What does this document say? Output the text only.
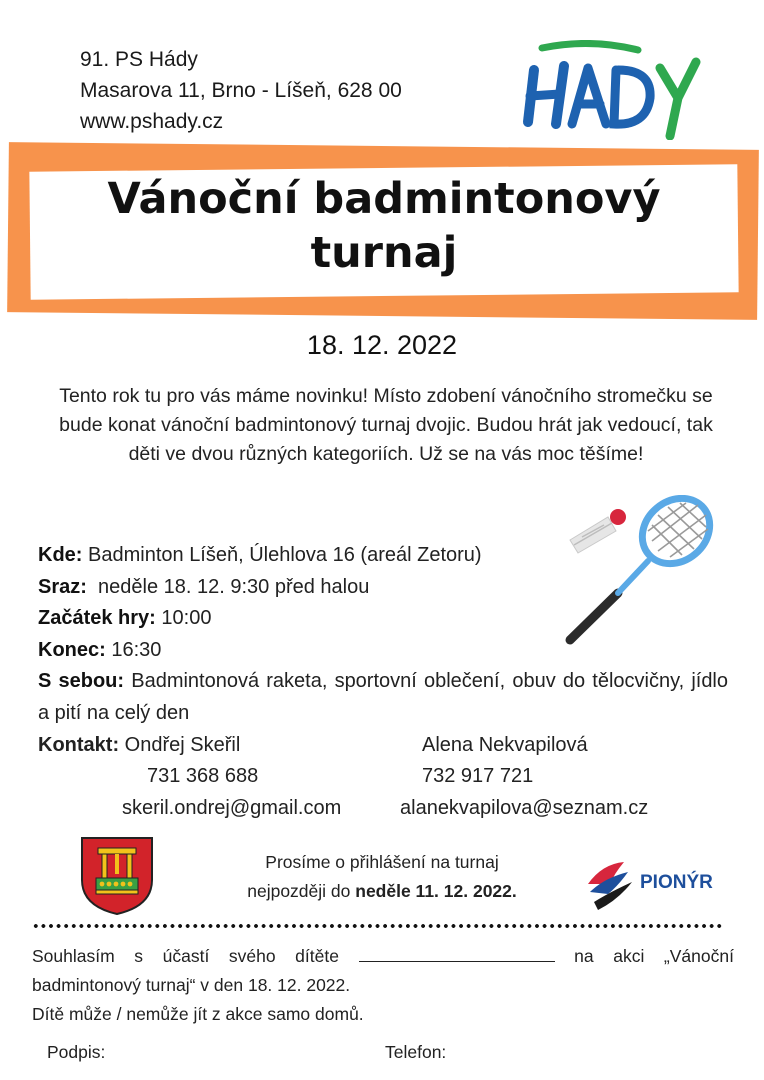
91. PS Hády
Masarova 11, Brno - Líšeň, 628 00
www.pshady.cz
Vánoční badmintonový
turnaj
18. 12. 2022
Tento rok tu pro vás máme novinku! Místo zdobení vánočního stromečku se bude konat vánoční badmintonový turnaj dvojic. Budou hrát jak vedoucí, tak děti ve dvou různých kategoriích. Už se na vás moc těšíme!
Kde: Badminton Líšeň, Úlehlova 16 (areál Zetoru)
Sraz: neděle 18. 12. 9:30 před halou
Začátek hry: 10:00
Konec: 16:30
S sebou: Badmintonová raketa, sportovní oblečení, obuv do tělocvičny, jídlo a pití na celý den
Kontakt: Ondřej Skeřil	Alena Nekvapilová
731 368 688	732 917 721
skeril.ondrej@gmail.com	alanekvapilova@seznam.cz
Prosíme o přihlášení na turnaj
nejpozději do neděle 11. 12. 2022.	PIONÝR
Souhlasím s účastí svého dítěte	na akci „Vánoční
badmintonový turnaj“ v den 18. 12. 2022.
Dítě může / nemůže jít z akce samo domů.
Podpis:	Telefon:
